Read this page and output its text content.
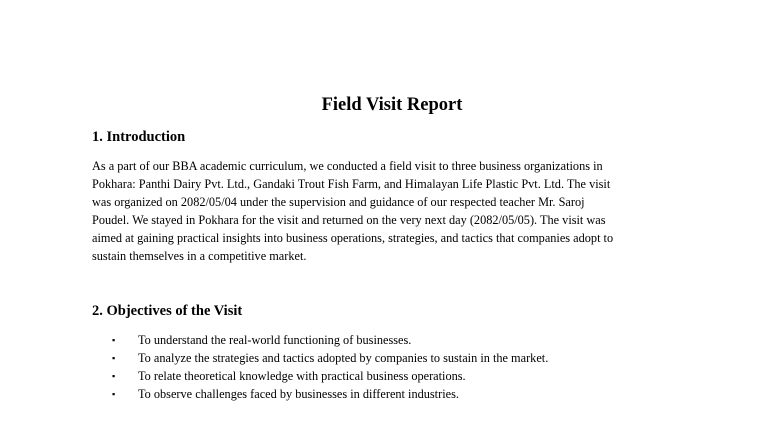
Field Visit Report
1. Introduction

As a part of our BBA academic curriculum, we conducted a field visit to three business organizations in
Pokhara: Panthi Dairy Pvt. Ltd., Gandaki Trout Fish Farm, and Himalayan Life Plastic Pvt. Ltd. The visit
was organized on 2082/05/04 under the supervision and guidance of our respected teacher Mr. Saroj
Poudel. We stayed in Pokhara for the visit and returned on the very next day (2082/05/05). The visit was
aimed at gaining practical insights into business operations, strategies, and tactics that companies adopt to
sustain themselves in a competitive market.

2. Objectives of the Visit
▪ To understand the real-world functioning of businesses.
▪ To analyze the strategies and tactics adopted by companies to sustain in the market.
▪ To relate theoretical knowledge with practical business operations.
▪ To observe challenges faced by businesses in different industries.
